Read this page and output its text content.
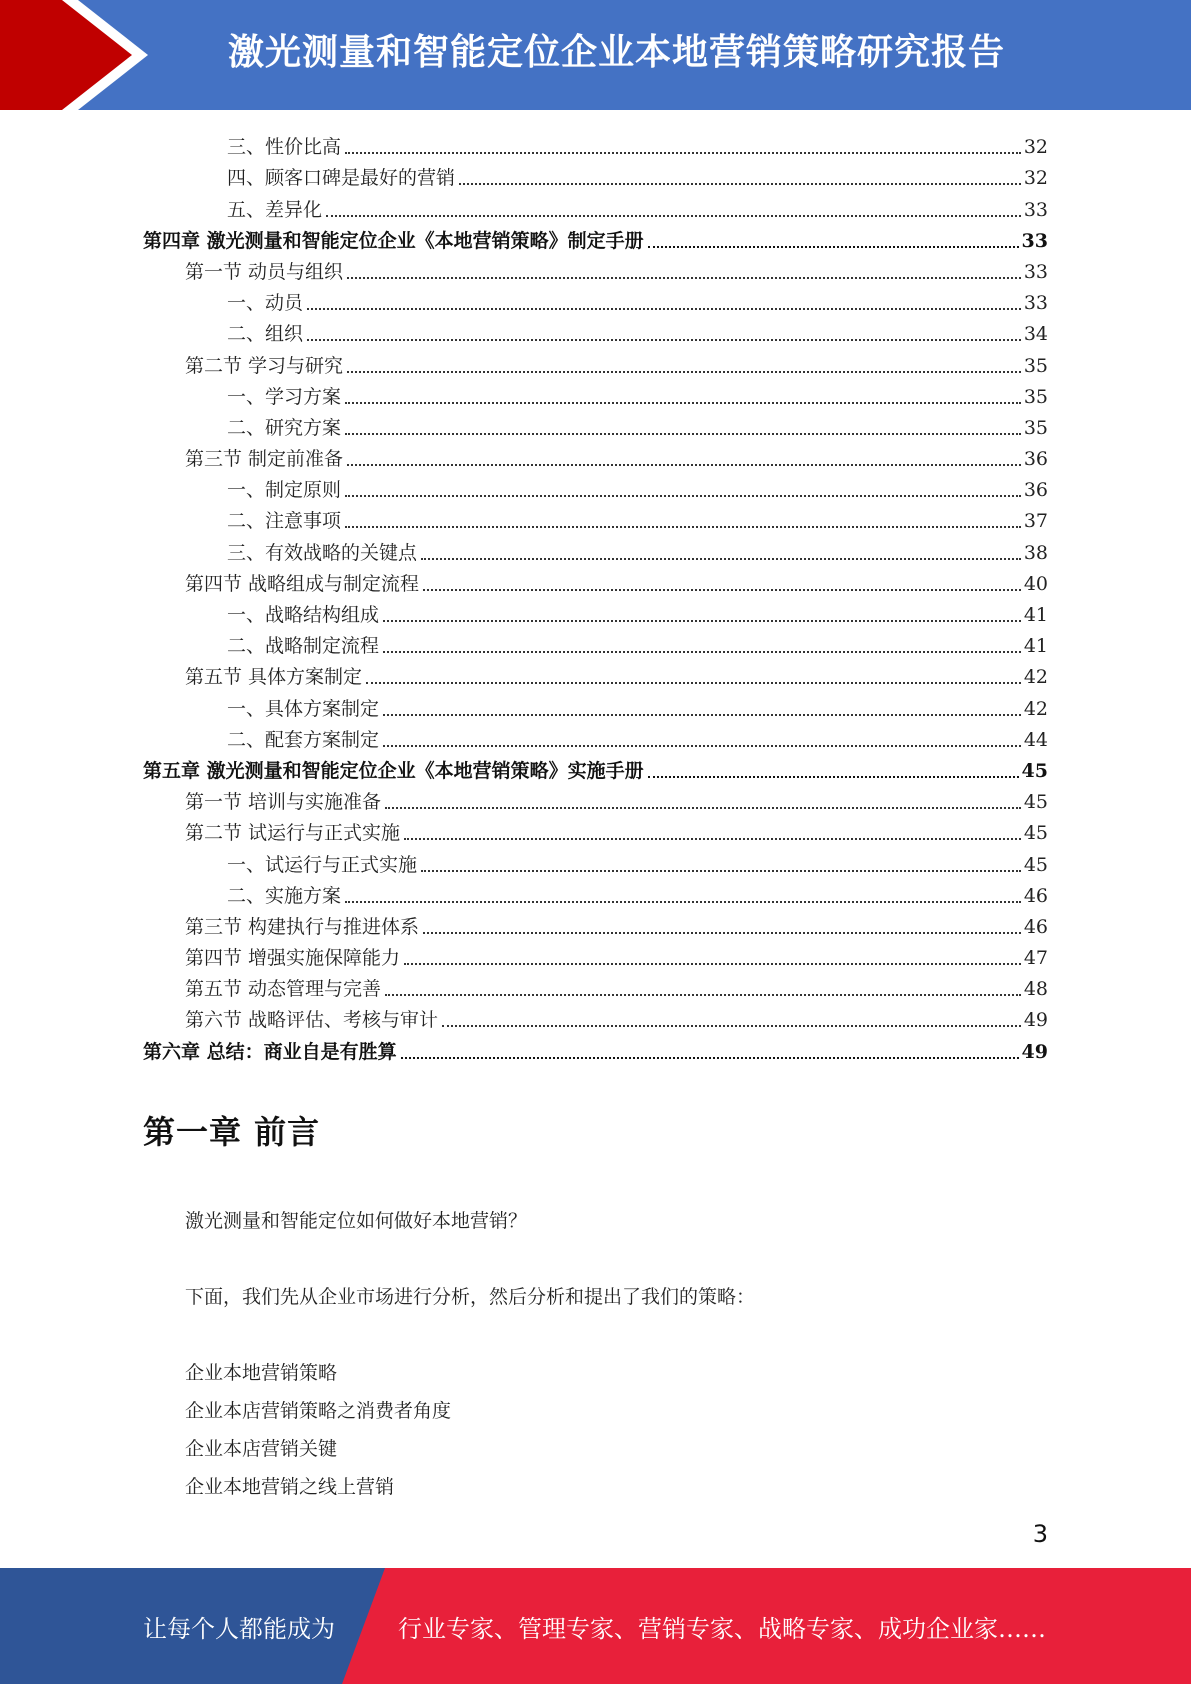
激光测量和智能定位企业本地营销策略研究报告
三、性价比高	32
四、顾客口碑是最好的营销	32
五、差异化	33
第四章 激光测量和智能定位企业《本地营销策略》制定手册	33
第一节 动员与组织	33
一、动员	33
二、组织	34
第二节 学习与研究	35
一、学习方案	35
二、研究方案	35
第三节 制定前准备	36
一、制定原则	36
二、注意事项	37
三、有效战略的关键点	38
第四节 战略组成与制定流程	40
一、战略结构组成	41
二、战略制定流程	41
第五节 具体方案制定	42
一、具体方案制定	42
二、配套方案制定	44
第五章 激光测量和智能定位企业《本地营销策略》实施手册	45
第一节 培训与实施准备	45
第二节 试运行与正式实施	45
一、试运行与正式实施	45
二、实施方案	46
第三节 构建执行与推进体系	46
第四节 增强实施保障能力	47
第五节 动态管理与完善	48
第六节 战略评估、考核与审计	49
第六章 总结：商业自是有胜算	49
第一章 前言
激光测量和智能定位如何做好本地营销？
下面，我们先从企业市场进行分析，然后分析和提出了我们的策略：
企业本地营销策略
企业本店营销策略之消费者角度
企业本店营销关键
企业本地营销之线上营销
3
让每个人都能成为	行业专家、管理专家、营销专家、战略专家、成功企业家……
